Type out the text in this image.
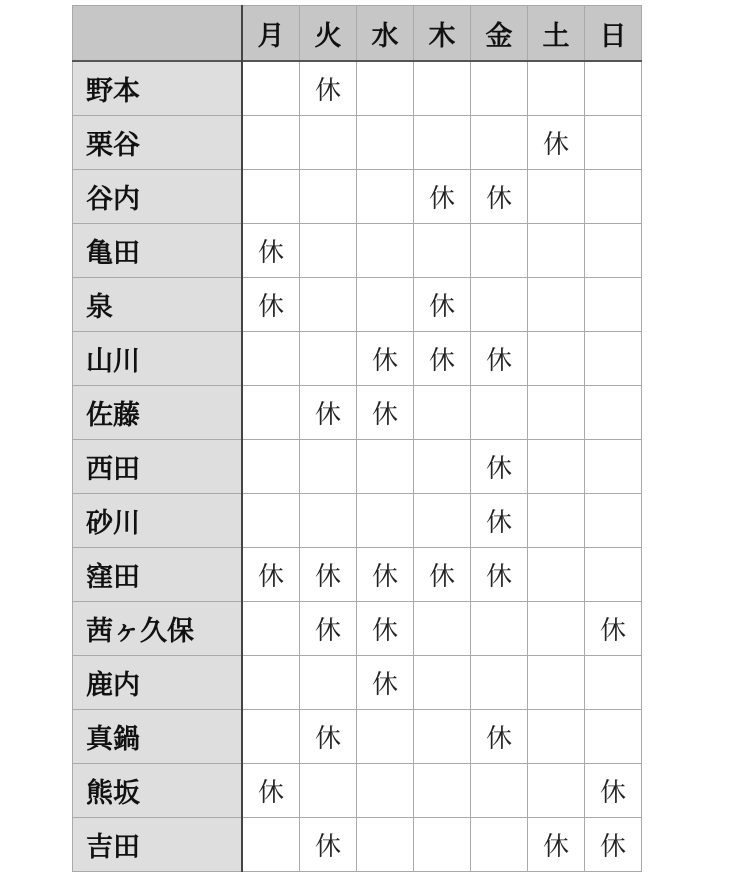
	月	火	水	木	金	土	日
野本		休					
栗谷						休	
谷内				休	休		
亀田	休						
泉	休			休			
山川			休	休	休		
佐藤		休	休				
西田					休		
砂川					休		
窪田	休	休	休	休	休		
茜ヶ久保		休	休				休
鹿内			休				
真鍋		休			休		
熊坂	休						休
吉田		休				休	休
